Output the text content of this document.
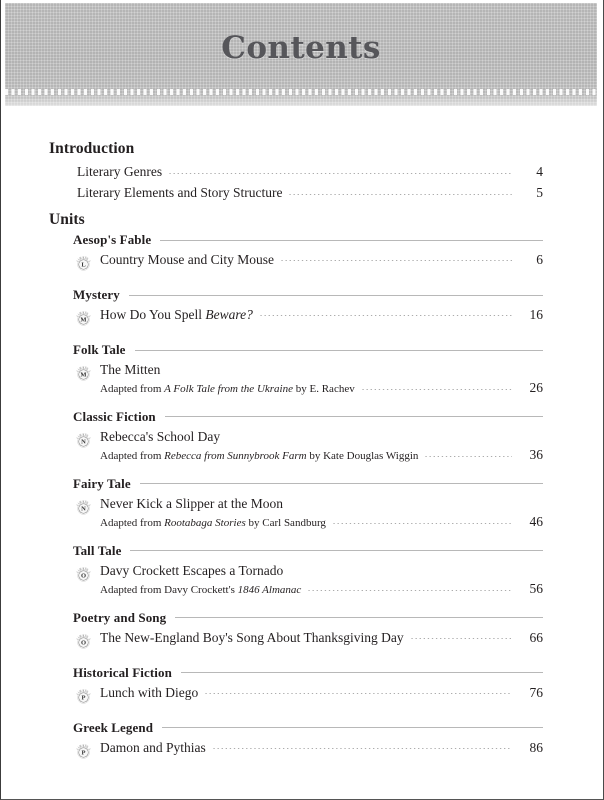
Contents
Introduction
Literary Genres	4
Literary Elements and Story Structure	5
Units
Aesop's Fable
LEVEL
L Country Mouse and City Mouse	6
Mystery
LEVEL
M How Do You Spell Beware?	16
Folk Tale
LEVEL
M The Mitten
Adapted from A Folk Tale from the Ukraine by E. Rachev	26
Classic Fiction
LEVEL
N Rebecca's School Day
Adapted from Rebecca from Sunnybrook Farm by Kate Douglas Wiggin	36
Fairy Tale
LEVEL
N Never Kick a Slipper at the Moon
Adapted from Rootabaga Stories by Carl Sandburg	46
Tall Tale
LEVEL
O Davy Crockett Escapes a Tornado
Adapted from Davy Crockett's 1846 Almanac	56
Poetry and Song
LEVEL
O The New-England Boy's Song About Thanksgiving Day	66
Historical Fiction
LEVEL
P Lunch with Diego	76
Greek Legend
LEVEL
P Damon and Pythias	86
